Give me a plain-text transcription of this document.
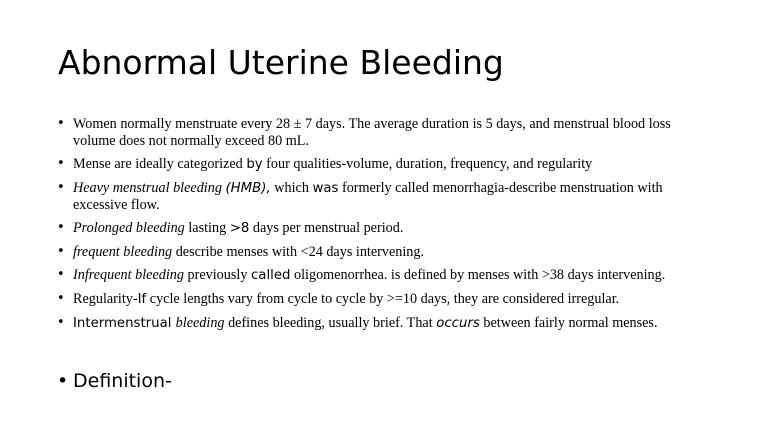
Abnormal Uterine Bleeding
• Women normally menstruate every 28 ± 7 days. The average duration is 5 days, and menstrual blood loss volume does not normally exceed 80 mL.
• Mense are ideally categorized by four qualities-volume, duration, frequency, and regularity
• Heavy menstrual bleeding (HMB), which was formerly called menorrhagia-describe menstruation with excessive flow.
• Prolonged bleeding lasting >8 days per menstrual period.
• frequent bleeding describe menses with <24 days intervening.
• Infrequent bleeding previously called oligomenorrhea. is defined by menses with >38 days intervening.
• Regularity-If cycle lengths vary from cycle to cycle by >=10 days, they are considered irregular.
• Intermenstrual bleeding defines bleeding, usually brief. That occurs between fairly normal menses.

• Definition-
